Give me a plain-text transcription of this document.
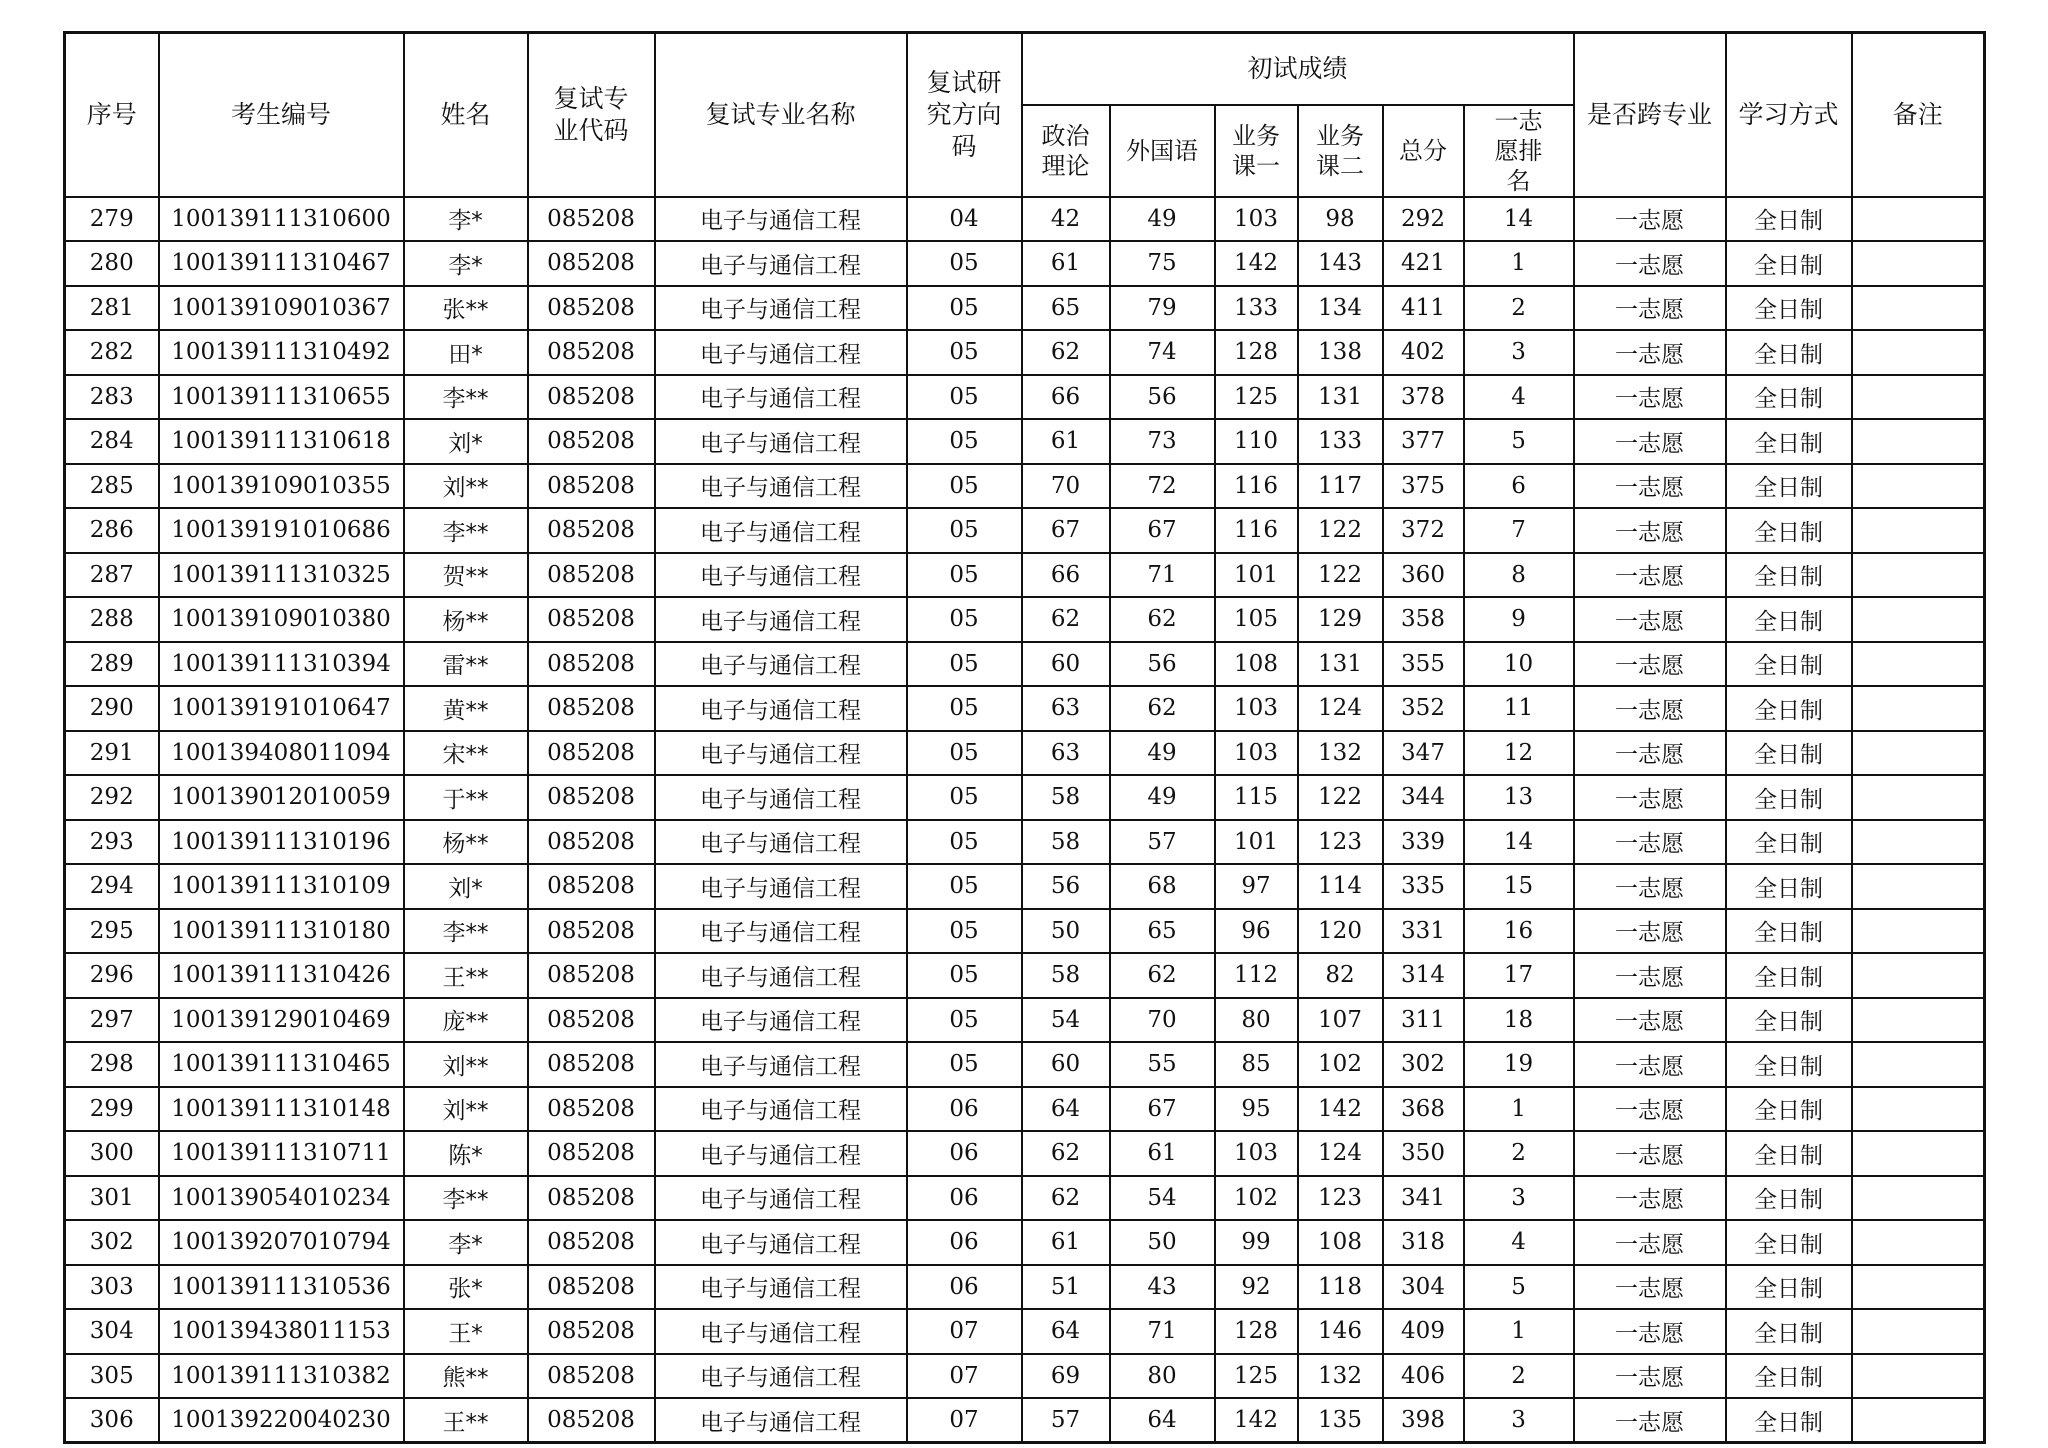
序号	考生编号	姓名	复试专业代码	复试专业名称	复试研究方向码	初试成绩						是否跨专业	学习方式	备注
						政治理论	外国语	业务课一	业务课二	总分	一志愿排名			
279	100139111310600	李*	085208	电子与通信工程	04	42	49	103	98	292	14	一志愿	全日制	
280	100139111310467	李*	085208	电子与通信工程	05	61	75	142	143	421	1	一志愿	全日制	
281	100139109010367	张**	085208	电子与通信工程	05	65	79	133	134	411	2	一志愿	全日制	
282	100139111310492	田*	085208	电子与通信工程	05	62	74	128	138	402	3	一志愿	全日制	
283	100139111310655	李**	085208	电子与通信工程	05	66	56	125	131	378	4	一志愿	全日制	
284	100139111310618	刘*	085208	电子与通信工程	05	61	73	110	133	377	5	一志愿	全日制	
285	100139109010355	刘**	085208	电子与通信工程	05	70	72	116	117	375	6	一志愿	全日制	
286	100139191010686	李**	085208	电子与通信工程	05	67	67	116	122	372	7	一志愿	全日制	
287	100139111310325	贺**	085208	电子与通信工程	05	66	71	101	122	360	8	一志愿	全日制	
288	100139109010380	杨**	085208	电子与通信工程	05	62	62	105	129	358	9	一志愿	全日制	
289	100139111310394	雷**	085208	电子与通信工程	05	60	56	108	131	355	10	一志愿	全日制	
290	100139191010647	黄**	085208	电子与通信工程	05	63	62	103	124	352	11	一志愿	全日制	
291	100139408011094	宋**	085208	电子与通信工程	05	63	49	103	132	347	12	一志愿	全日制	
292	100139012010059	于**	085208	电子与通信工程	05	58	49	115	122	344	13	一志愿	全日制	
293	100139111310196	杨**	085208	电子与通信工程	05	58	57	101	123	339	14	一志愿	全日制	
294	100139111310109	刘*	085208	电子与通信工程	05	56	68	97	114	335	15	一志愿	全日制	
295	100139111310180	李**	085208	电子与通信工程	05	50	65	96	120	331	16	一志愿	全日制	
296	100139111310426	王**	085208	电子与通信工程	05	58	62	112	82	314	17	一志愿	全日制	
297	100139129010469	庞**	085208	电子与通信工程	05	54	70	80	107	311	18	一志愿	全日制	
298	100139111310465	刘**	085208	电子与通信工程	05	60	55	85	102	302	19	一志愿	全日制	
299	100139111310148	刘**	085208	电子与通信工程	06	64	67	95	142	368	1	一志愿	全日制	
300	100139111310711	陈*	085208	电子与通信工程	06	62	61	103	124	350	2	一志愿	全日制	
301	100139054010234	李**	085208	电子与通信工程	06	62	54	102	123	341	3	一志愿	全日制	
302	100139207010794	李*	085208	电子与通信工程	06	61	50	99	108	318	4	一志愿	全日制	
303	100139111310536	张*	085208	电子与通信工程	06	51	43	92	118	304	5	一志愿	全日制	
304	100139438011153	王*	085208	电子与通信工程	07	64	71	128	146	409	1	一志愿	全日制	
305	100139111310382	熊**	085208	电子与通信工程	07	69	80	125	132	406	2	一志愿	全日制	
306	100139220040230	王**	085208	电子与通信工程	07	57	64	142	135	398	3	一志愿	全日制	
